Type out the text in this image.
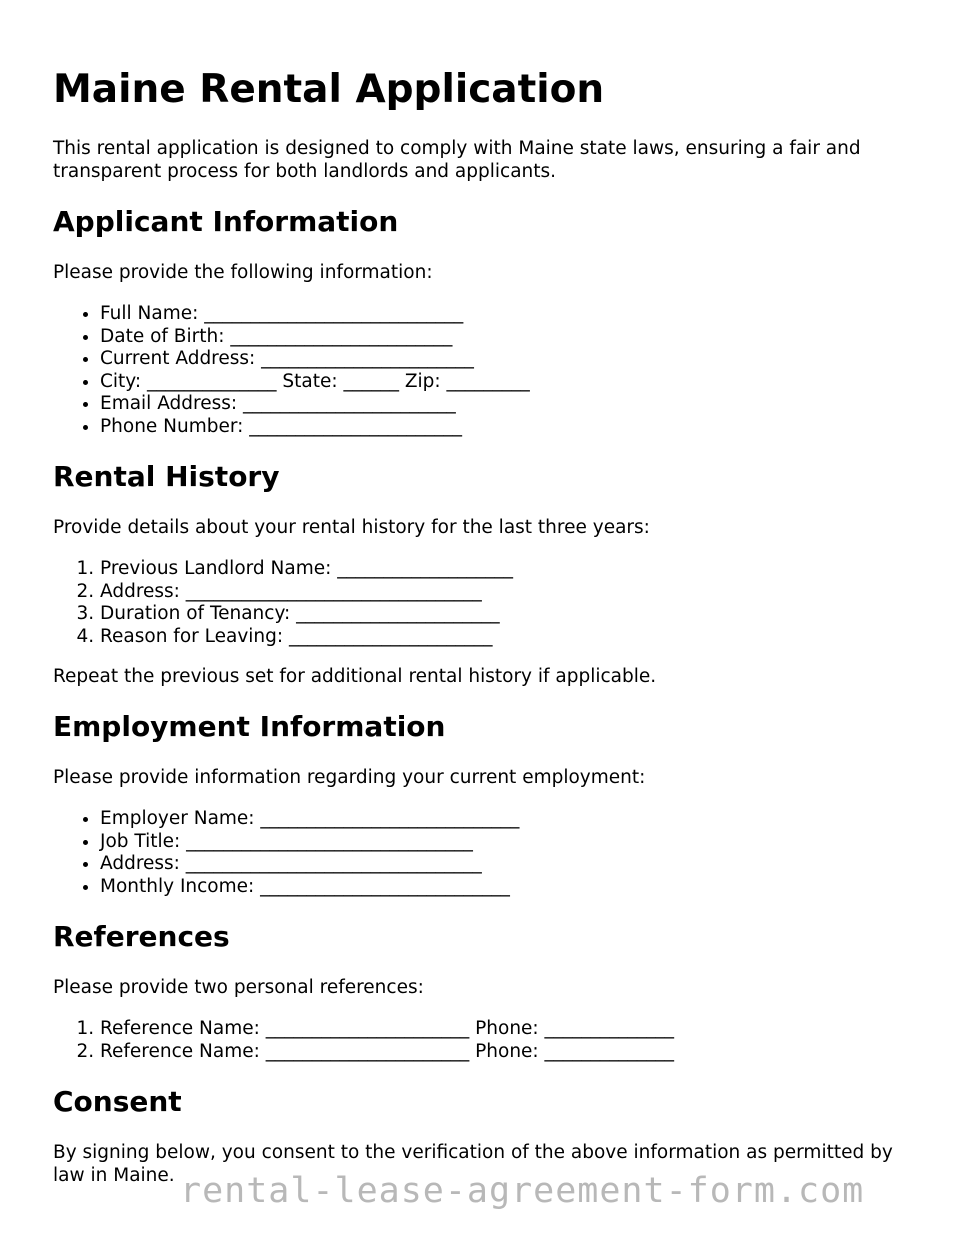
Maine Rental Application

This rental application is designed to comply with Maine state laws, ensuring a fair and transparent process for both landlords and applicants.

Applicant Information

Please provide the following information:

• Full Name: ____________________________
• Date of Birth: ________________________
• Current Address: _______________________
• City: ______________ State: ______ Zip: _________
• Email Address: _______________________
• Phone Number: _______________________
Rental History

Provide details about your rental history for the last three years:

1. Previous Landlord Name: ___________________
2. Address: ________________________________
3. Duration of Tenancy: ______________________
4. Reason for Leaving: ______________________

Repeat the previous set for additional rental history if applicable.

Employment Information

Please provide information regarding your current employment:

• Employer Name: ____________________________
• Job Title: _______________________________
• Address: ________________________________
• Monthly Income: ___________________________
References

Please provide two personal references:

1. Reference Name: ______________________ Phone: ______________
2. Reference Name: ______________________ Phone: ______________
Consent

By signing below, you consent to the verification of the above information as permitted by law in Maine. rental-lease-agreement-form.com
